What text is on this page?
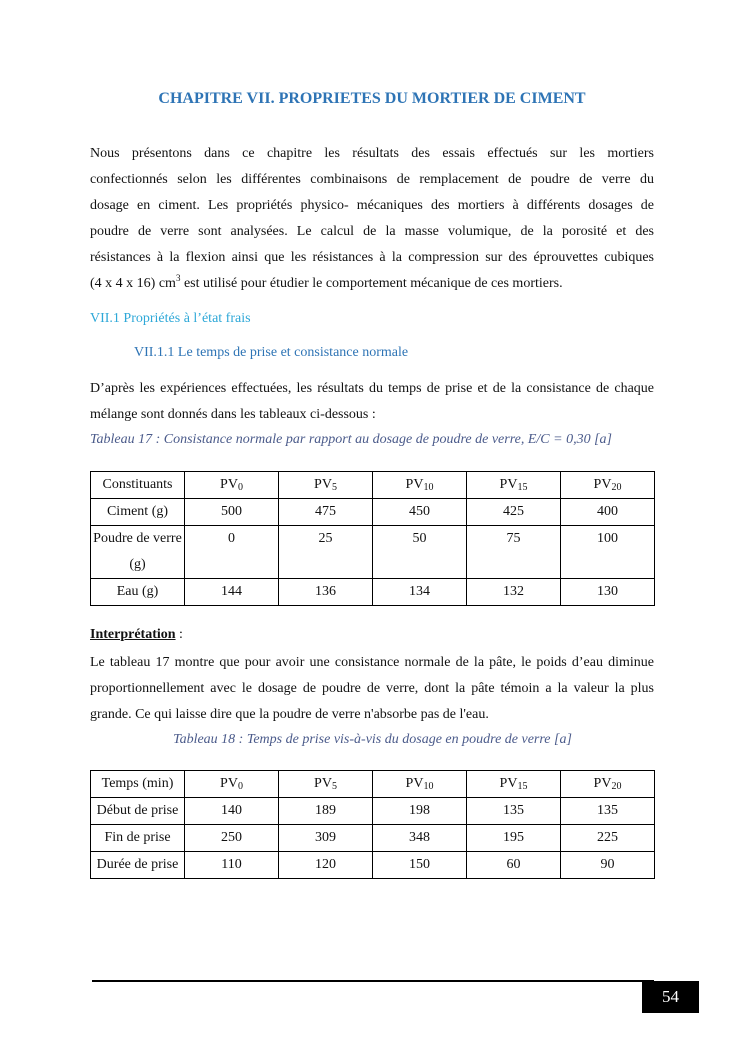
CHAPITRE VII. PROPRIETES DU MORTIER DE CIMENT
Nous présentons dans ce chapitre les résultats des essais effectués sur les mortiers
confectionnés selon les différentes combinaisons de remplacement de poudre de verre du
dosage en ciment. Les propriétés physico- mécaniques des mortiers à différents dosages de
poudre de verre sont analysées. Le calcul de la masse volumique, de la porosité et des
résistances à la flexion ainsi que les résistances à la compression sur des éprouvettes cubiques
(4 x 4 x 16) $cm^3$ est utilisé pour étudier le comportement mécanique de ces mortiers.
VII.1 Propriétés à l’état frais
VII.1.1 Le temps de prise et consistance normale
D’après les expériences effectuées, les résultats du temps de prise et de la consistance de chaque
mélange sont donnés dans les tableaux ci-dessous :
Tableau 17 : Consistance normale par rapport au dosage de poudre de verre, E/C = 0,30 [a]
Constituants	$PV_0$	$PV_5$	$PV_{10}$	$PV_{15}$	$PV_{20}$
Ciment (g)	500	475	450	425	400
Poudre de verre (g)	0	25	50	75	100
Eau (g)	144	136	134	132	130
Interprétation :
Le tableau 17 montre que pour avoir une consistance normale de la pâte, le poids d’eau diminue
proportionnellement avec le dosage de poudre de verre, dont la pâte témoin a la valeur la plus
grande. Ce qui laisse dire que la poudre de verre n'absorbe pas de l'eau.
Tableau 18 : Temps de prise vis-à-vis du dosage en poudre de verre [a]
Temps (min)	$PV_0$	$PV_5$	$PV_{10}$	$PV_{15}$	$PV_{20}$
Début de prise	140	189	198	135	135
Fin de prise	250	309	348	195	225
Durée de prise	110	120	150	60	90
54
